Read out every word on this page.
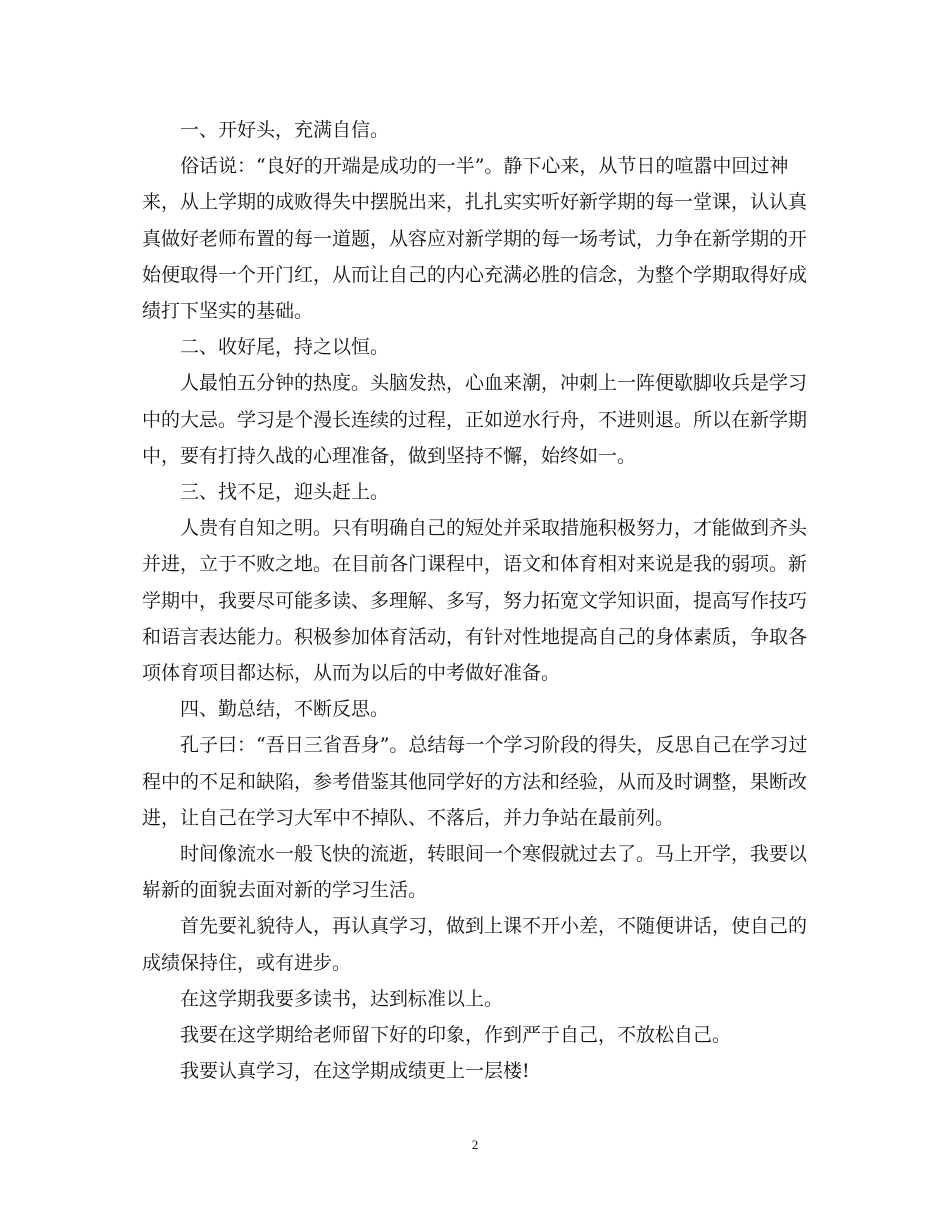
一、开好头，充满自信。

俗话说：“良好的开端是成功的一半”。静下心来，从节日的喧嚣中回过神来，从上学期的成败得失中摆脱出来，扎扎实实听好新学期的每一堂课，认认真真做好老师布置的每一道题，从容应对新学期的每一场考试，力争在新学期的开始便取得一个开门红，从而让自己的内心充满必胜的信念，为整个学期取得好成绩打下坚实的基础。

二、收好尾，持之以恒。

人最怕五分钟的热度。头脑发热，心血来潮，冲刺上一阵便歇脚收兵是学习中的大忌。学习是个漫长连续的过程，正如逆水行舟，不进则退。所以在新学期中，要有打持久战的心理准备，做到坚持不懈，始终如一。

三、找不足，迎头赶上。

人贵有自知之明。只有明确自己的短处并采取措施积极努力，才能做到齐头并进，立于不败之地。在目前各门课程中，语文和体育相对来说是我的弱项。新学期中，我要尽可能多读、多理解、多写，努力拓宽文学知识面，提高写作技巧和语言表达能力。积极参加体育活动，有针对性地提高自己的身体素质，争取各项体育项目都达标，从而为以后的中考做好准备。

四、勤总结，不断反思。

孔子曰：“吾日三省吾身”。总结每一个学习阶段的得失，反思自己在学习过程中的不足和缺陷，参考借鉴其他同学好的方法和经验，从而及时调整，果断改进，让自己在学习大军中不掉队、不落后，并力争站在最前列。

时间像流水一般飞快的流逝，转眼间一个寒假就过去了。马上开学，我要以崭新的面貌去面对新的学习生活。

首先要礼貌待人，再认真学习，做到上课不开小差，不随便讲话，使自己的成绩保持住，或有进步。

在这学期我要多读书，达到标准以上。

我要在这学期给老师留下好的印象，作到严于自己，不放松自己。

我要认真学习，在这学期成绩更上一层楼!

2
